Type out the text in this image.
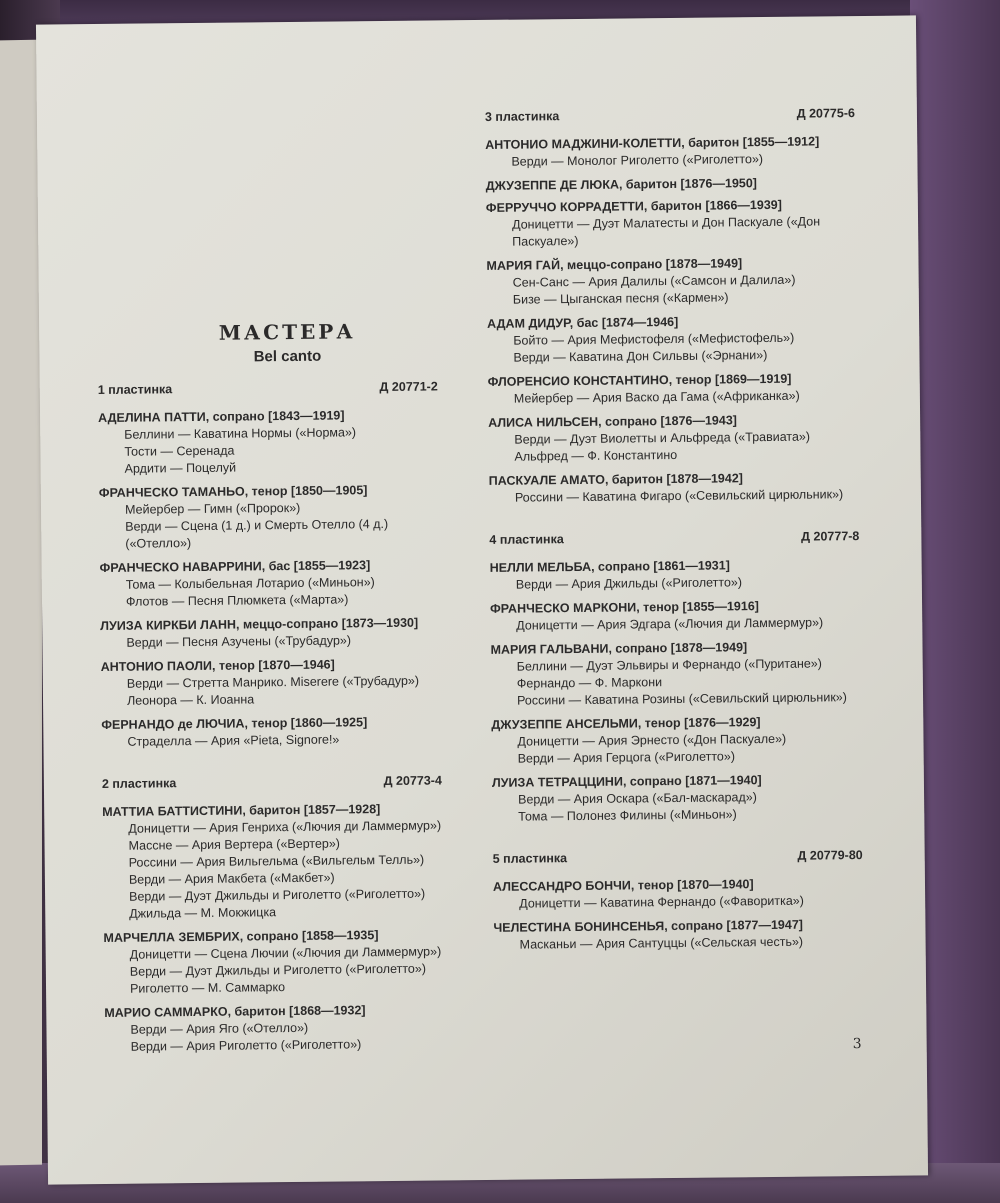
МАСТЕРА
Bel canto
1 пластинка	Д 20771-2
АДЕЛИНА ПАТТИ, сопрано [1843—1919]
Беллини — Каватина Нормы («Норма»)
Тости — Серенада
Ардити — Поцелуй
ФРАНЧЕСКО ТАМАНЬО, тенор [1850—1905]
Мейербер — Гимн («Пророк»)
Верди — Сцена (1 д.) и Смерть Отелло (4 д.) («Отелло»)
ФРАНЧЕСКО НАВАРРИНИ, бас [1855—1923]
Тома — Колыбельная Лотарио («Миньон»)
Флотов — Песня Плюмкета («Марта»)
ЛУИЗА КИРКБИ ЛАНН, меццо-сопрано [1873—1930]
Верди — Песня Азучены («Трубадур»)
АНТОНИО ПАОЛИ, тенор [1870—1946]
Верди — Стретта Манрико. Miserere («Трубадур»)
Леонора — К. Иоанна
ФЕРНАНДО де ЛЮЧИА, тенор [1860—1925]
Страделла — Ария «Pieta, Signore!»
2 пластинка	Д 20773-4
МАТТИА БАТТИСТИНИ, баритон [1857—1928]
Доницетти — Ария Генриха («Лючия ди Ламмермур»)
Массне — Ария Вертера («Вертер»)
Россини — Ария Вильгельма («Вильгельм Телль»)
Верди — Ария Макбета («Макбет»)
Верди — Дуэт Джильды и Риголетто («Риголетто»)
Джильда — М. Мокжицка
МАРЧЕЛЛА ЗЕМБРИХ, сопрано [1858—1935]
Доницетти — Сцена Лючии («Лючия ди Ламмермур»)
Верди — Дуэт Джильды и Риголетто («Риголетто»)
Риголетто — М. Саммарко
МАРИО САММАРКО, баритон [1868—1932]
Верди — Ария Яго («Отелло»)
Верди — Ария Риголетто («Риголетто»)
3 пластинка	Д 20775-6
АНТОНИО МАДЖИНИ-КОЛЕТТИ, баритон [1855—1912]
Верди — Монолог Риголетто («Риголетто»)
ДЖУЗЕППЕ ДЕ ЛЮКА, баритон [1876—1950]
ФЕРРУЧЧО КОРРАДЕТТИ, баритон [1866—1939]
Доницетти — Дуэт Малатесты и Дон Паскуале («Дон Паскуале»)
МАРИЯ ГАЙ, меццо-сопрано [1878—1949]
Сен-Санс — Ария Далилы («Самсон и Далила»)
Бизе — Цыганская песня («Кармен»)
АДАМ ДИДУР, бас [1874—1946]
Бойто — Ария Мефистофеля («Мефистофель»)
Верди — Каватина Дон Сильвы («Эрнани»)
ФЛОРЕНСИО КОНСТАНТИНО, тенор [1869—1919]
Мейербер — Ария Васко да Гама («Африканка»)
АЛИСА НИЛЬСЕН, сопрано [1876—1943]
Верди — Дуэт Виолетты и Альфреда («Травиата»)
Альфред — Ф. Константино
ПАСКУАЛЕ АМАТО, баритон [1878—1942]
Россини — Каватина Фигаро («Севильский цирюльник»)
4 пластинка	Д 20777-8
НЕЛЛИ МЕЛЬБА, сопрано [1861—1931]
Верди — Ария Джильды («Риголетто»)
ФРАНЧЕСКО МАРКОНИ, тенор [1855—1916]
Доницетти — Ария Эдгара («Лючия ди Ламмермур»)
МАРИЯ ГАЛЬВАНИ, сопрано [1878—1949]
Беллини — Дуэт Эльвиры и Фернандо («Пуритане»)
Фернандо — Ф. Маркони
Россини — Каватина Розины («Севильский цирюльник»)
ДЖУЗЕППЕ АНСЕЛЬМИ, тенор [1876—1929]
Доницетти — Ария Эрнесто («Дон Паскуале»)
Верди — Ария Герцога («Риголетто»)
ЛУИЗА ТЕТРАЦЦИНИ, сопрано [1871—1940]
Верди — Ария Оскара («Бал-маскарад»)
Тома — Полонез Филины («Миньон»)
5 пластинка	Д 20779-80
АЛЕССАНДРО БОНЧИ, тенор [1870—1940]
Доницетти — Каватина Фернандо («Фаворитка»)
ЧЕЛЕСТИНА БОНИНСЕНЬЯ, сопрано [1877—1947]
Масканьи — Ария Сантуццы («Сельская честь»)
3
